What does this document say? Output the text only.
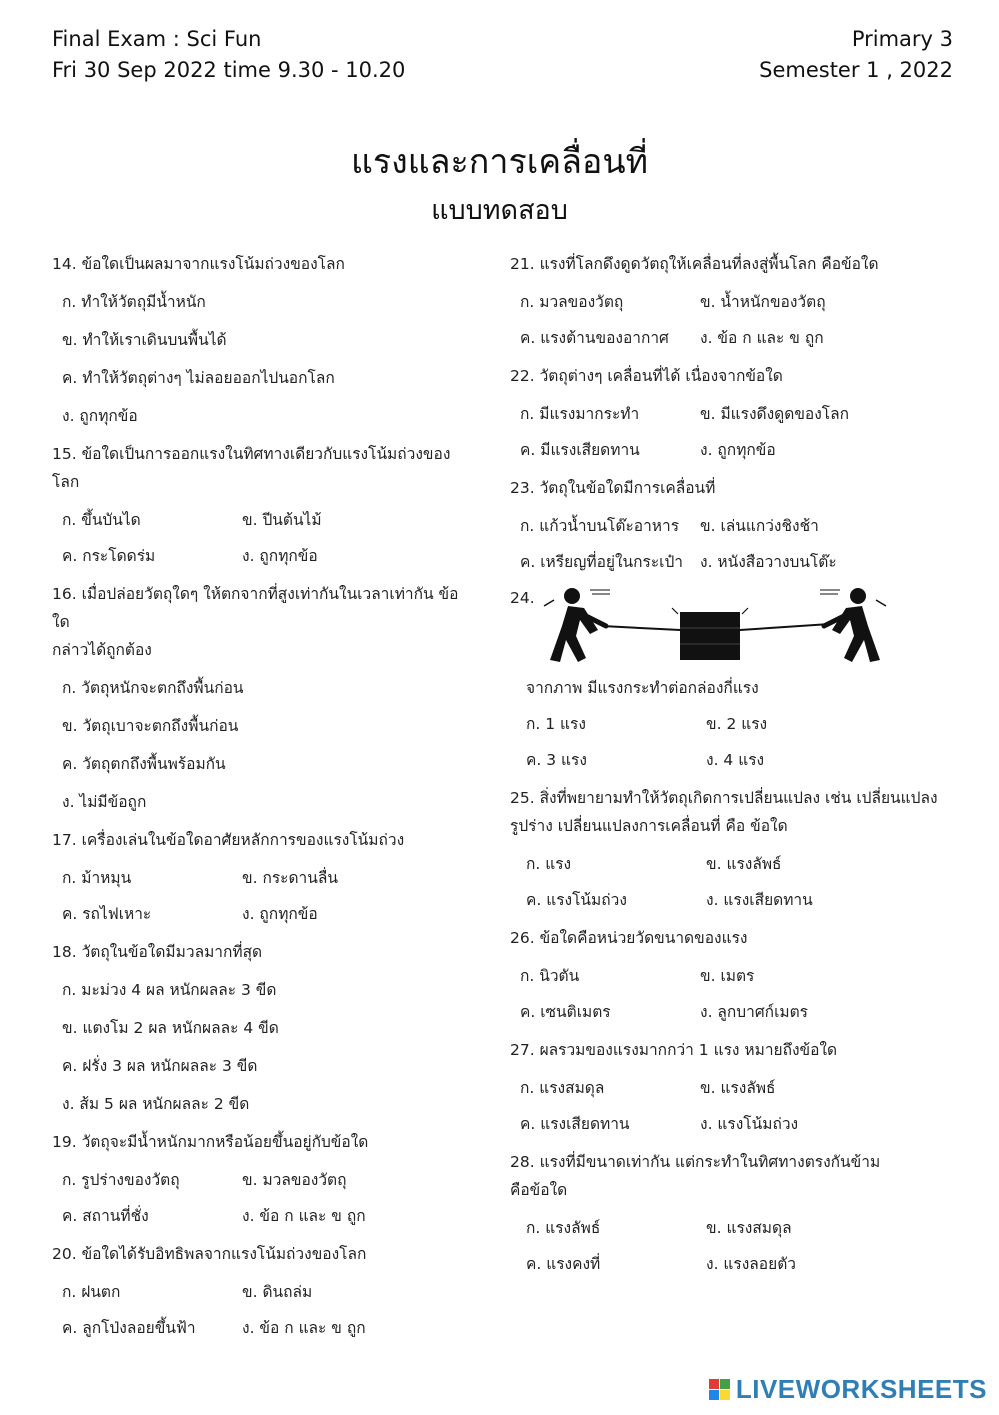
Final Exam : Sci Fun
Fri 30 Sep 2022 time 9.30 - 10.20
Primary 3
Semester 1 , 2022
แรงและการเคลื่อนที่
แบบทดสอบ
14. ข้อใดเป็นผลมาจากแรงโน้มถ่วงของโลก
ก. ทำให้วัตถุมีน้ำหนัก
ข. ทำให้เราเดินบนพื้นได้
ค. ทำให้วัตถุต่างๆ ไม่ลอยออกไปนอกโลก
ง. ถูกทุกข้อ
15. ข้อใดเป็นการออกแรงในทิศทางเดียวกับแรงโน้มถ่วงของโลก
ก. ขึ้นบันได	ข. ปีนต้นไม้
ค. กระโดดร่ม	ง. ถูกทุกข้อ
16. เมื่อปล่อยวัตถุใดๆ ให้ตกจากที่สูงเท่ากันในเวลาเท่ากัน ข้อใด
กล่าวได้ถูกต้อง
ก. วัตถุหนักจะตกถึงพื้นก่อน
ข. วัตถุเบาจะตกถึงพื้นก่อน
ค. วัตถุตกถึงพื้นพร้อมกัน
ง. ไม่มีข้อถูก
17. เครื่องเล่นในข้อใดอาศัยหลักการของแรงโน้มถ่วง
ก. ม้าหมุน	ข. กระดานลื่น
ค. รถไฟเหาะ	ง. ถูกทุกข้อ
18. วัตถุในข้อใดมีมวลมากที่สุด
ก. มะม่วง 4 ผล หนักผลละ 3 ขีด
ข. แตงโม 2 ผล หนักผลละ 4 ขีด
ค. ฝรั่ง 3 ผล หนักผลละ 3 ขีด
ง. ส้ม 5 ผล หนักผลละ 2 ขีด
19. วัตถุจะมีน้ำหนักมากหรือน้อยขึ้นอยู่กับข้อใด
ก. รูปร่างของวัตถุ	ข. มวลของวัตถุ
ค. สถานที่ชั่ง	ง. ข้อ ก และ ข ถูก
20. ข้อใดได้รับอิทธิพลจากแรงโน้มถ่วงของโลก
ก. ฝนตก	ข. ดินถล่ม
ค. ลูกโป่งลอยขึ้นฟ้า	ง. ข้อ ก และ ข ถูก
21. แรงที่โลกดึงดูดวัตถุให้เคลื่อนที่ลงสู่พื้นโลก คือข้อใด
ก. มวลของวัตถุ	ข. น้ำหนักของวัตถุ
ค. แรงต้านของอากาศ	ง. ข้อ ก และ ข ถูก
22. วัตถุต่างๆ เคลื่อนที่ได้ เนื่องจากข้อใด
ก. มีแรงมากระทำ	ข. มีแรงดึงดูดของโลก
ค. มีแรงเสียดทาน	ง. ถูกทุกข้อ
23. วัตถุในข้อใดมีการเคลื่อนที่
ก. แก้วน้ำบนโต๊ะอาหาร	ข. เล่นแกว่งชิงช้า
ค. เหรียญที่อยู่ในกระเป๋า	ง. หนังสือวางบนโต๊ะ
24.
จากภาพ มีแรงกระทำต่อกล่องกี่แรง
ก. 1 แรง	ข. 2 แรง
ค. 3 แรง	ง. 4 แรง
25. สิ่งที่พยายามทำให้วัตถุเกิดการเปลี่ยนแปลง เช่น เปลี่ยนแปลง
รูปร่าง เปลี่ยนแปลงการเคลื่อนที่ คือ ข้อใด
ก. แรง	ข. แรงลัพธ์
ค. แรงโน้มถ่วง	ง. แรงเสียดทาน
26. ข้อใดคือหน่วยวัดขนาดของแรง
ก. นิวตัน	ข. เมตร
ค. เซนติเมตร	ง. ลูกบาศก์เมตร
27. ผลรวมของแรงมากกว่า 1 แรง หมายถึงข้อใด
ก. แรงสมดุล	ข. แรงลัพธ์
ค. แรงเสียดทาน	ง. แรงโน้มถ่วง
28. แรงที่มีขนาดเท่ากัน แต่กระทำในทิศทางตรงกันข้าม
คือข้อใด
ก. แรงลัพธ์	ข. แรงสมดุล
ค. แรงคงที่	ง. แรงลอยตัว
LIVEWORKSHEETS
